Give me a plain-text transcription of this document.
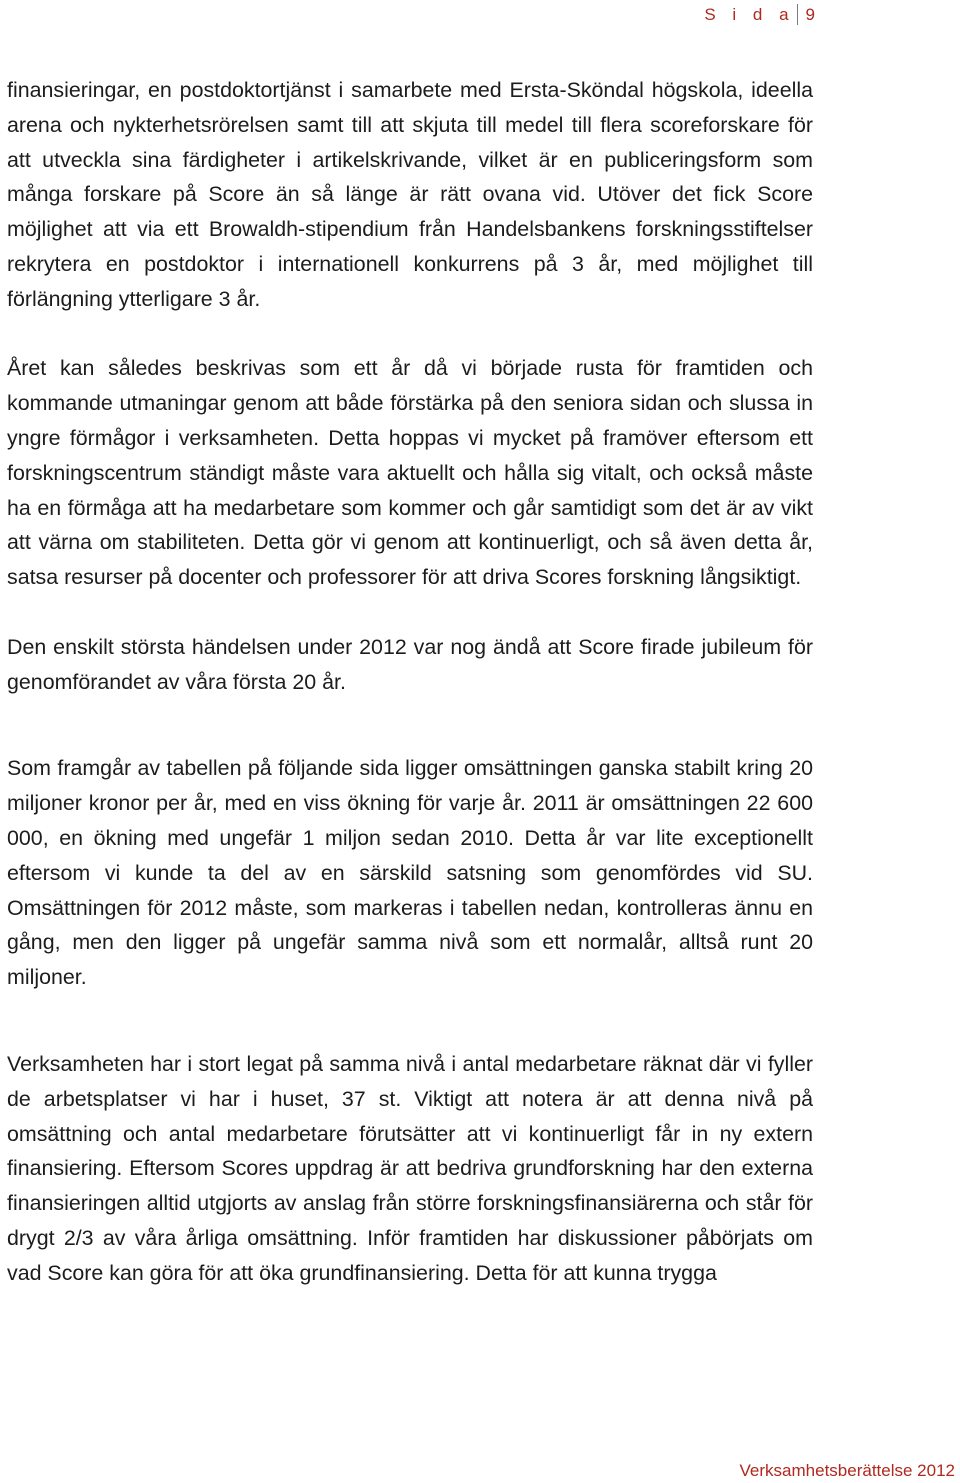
S i d a 9

finansieringar, en postdoktortjänst i samarbete med Ersta-Sköndal högskola, ideella arena och nykterhetsrörelsen samt till att skjuta till medel till flera scoreforskare för att utveckla sina färdigheter i artikelskrivande, vilket är en publiceringsform som många forskare på Score än så länge är rätt ovana vid. Utöver det fick Score möjlighet att via ett Browaldh-stipendium från Handelsbankens forskningsstiftelser rekrytera en postdoktor i internationell konkurrens på 3 år, med möjlighet till förlängning ytterligare 3 år.

Året kan således beskrivas som ett år då vi började rusta för framtiden och kommande utmaningar genom att både förstärka på den seniora sidan och slussa in yngre förmågor i verksamheten. Detta hoppas vi mycket på framöver eftersom ett forskningscentrum ständigt måste vara aktuellt och hålla sig vitalt, och också måste ha en förmåga att ha medarbetare som kommer och går samtidigt som det är av vikt att värna om stabiliteten. Detta gör vi genom att kontinuerligt, och så även detta år, satsa resurser på docenter och professorer för att driva Scores forskning långsiktigt.

Den enskilt största händelsen under 2012 var nog ändå att Score firade jubileum för genomförandet av våra första 20 år.

Som framgår av tabellen på följande sida ligger omsättningen ganska stabilt kring 20 miljoner kronor per år, med en viss ökning för varje år. 2011 är omsättningen 22 600 000, en ökning med ungefär 1 miljon sedan 2010. Detta år var lite exceptionellt eftersom vi kunde ta del av en särskild satsning som genomfördes vid SU. Omsättningen för 2012 måste, som markeras i tabellen nedan, kontrolleras ännu en gång, men den ligger på ungefär samma nivå som ett normalår, alltså runt 20 miljoner.

Verksamheten har i stort legat på samma nivå i antal medarbetare räknat där vi fyller de arbetsplatser vi har i huset, 37 st. Viktigt att notera är att denna nivå på omsättning och antal medarbetare förutsätter att vi kontinuerligt får in ny extern finansiering. Eftersom Scores uppdrag är att bedriva grundforskning har den externa finansieringen alltid utgjorts av anslag från större forskningsfinansiärerna och står för drygt 2/3 av våra årliga omsättning. Inför framtiden har diskussioner påbörjats om vad Score kan göra för att öka grundfinansiering. Detta för att kunna trygga

Verksamhetsberättelse 2012
